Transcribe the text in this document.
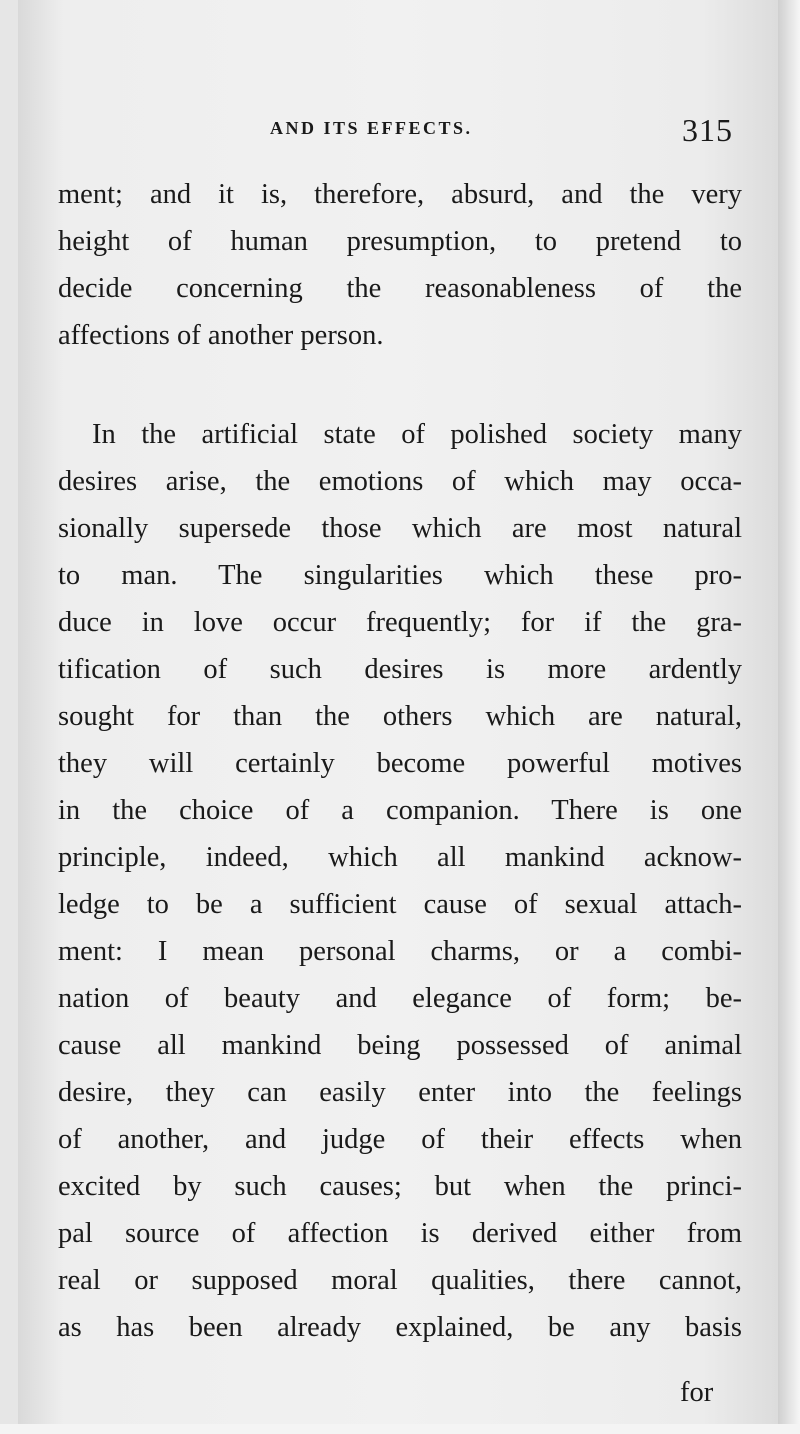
AND ITS EFFECTS.	315
ment; and it is, therefore, absurd, and the very
height of human presumption, to pretend to
decide concerning the reasonableness of the
affections of another person.
In the artificial state of polished society many
desires arise, the emotions of which may occa-
sionally supersede those which are most natural
to man. The singularities which these pro-
duce in love occur frequently; for if the gra-
tification of such desires is more ardently
sought for than the others which are natural,
they will certainly become powerful motives
in the choice of a companion. There is one
principle, indeed, which all mankind acknow-
ledge to be a sufficient cause of sexual attach-
ment: I mean personal charms, or a combi-
nation of beauty and elegance of form; be-
cause all mankind being possessed of animal
desire, they can easily enter into the feelings
of another, and judge of their effects when
excited by such causes; but when the princi-
pal source of affection is derived either from
real or supposed moral qualities, there cannot,
as has been already explained, be any basis
for
